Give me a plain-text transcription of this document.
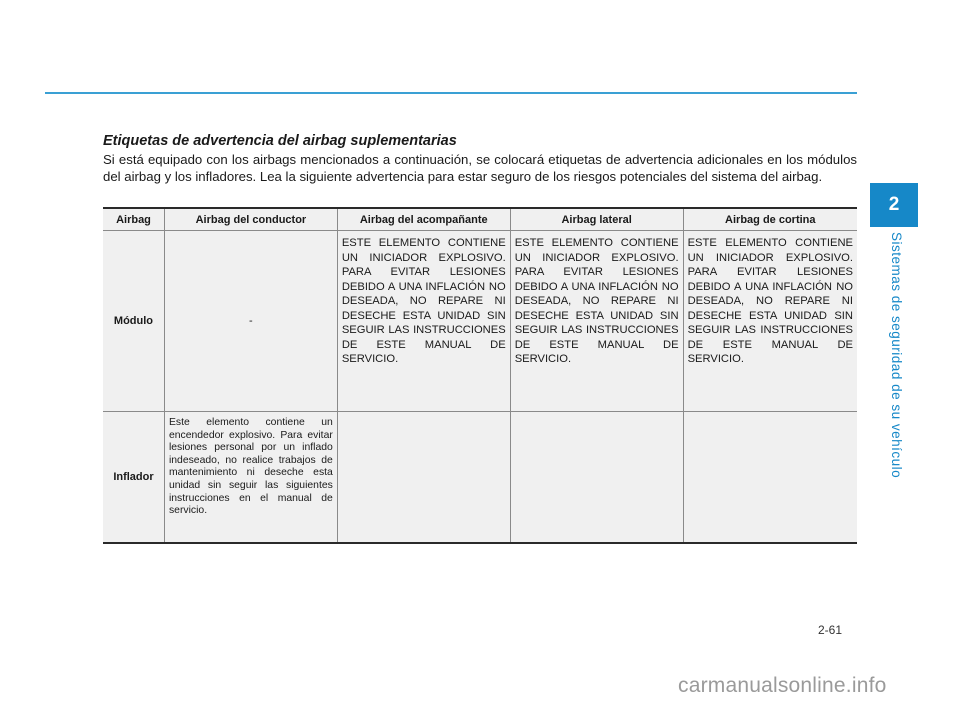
Etiquetas de advertencia del airbag suplementarias

Si está equipado con los airbags mencionados a continuación, se colocará etiquetas de advertencia adicionales en los módulos del airbag y los infladores. Lea la siguiente advertencia para estar seguro de los riesgos potenciales del sistema del airbag.

Airbag	Airbag del conductor	Airbag del acompañante	Airbag lateral	Airbag de cortina
Módulo	-	ESTE ELEMENTO CONTIENE UN INICIADOR EXPLOSIVO. PARA EVITAR LESIONES DEBIDO A UNA INFLACIÓN NO DESEADA, NO REPARE NI DESECHE ESTA UNIDAD SIN SEGUIR LAS INSTRUCCIONES DE ESTE MANUAL DE SERVICIO.	ESTE ELEMENTO CONTIENE UN INICIADOR EXPLOSIVO. PARA EVITAR LESIONES DEBIDO A UNA INFLACIÓN NO DESEADA, NO REPARE NI DESECHE ESTA UNIDAD SIN SEGUIR LAS INSTRUCCIONES DE ESTE MANUAL DE SERVICIO.	ESTE ELEMENTO CONTIENE UN INICIADOR EXPLOSIVO. PARA EVITAR LESIONES DEBIDO A UNA INFLACIÓN NO DESEADA, NO REPARE NI DESECHE ESTA UNIDAD SIN SEGUIR LAS INSTRUCCIONES DE ESTE MANUAL DE SERVICIO.

Inflador	Este elemento contiene un encendedor explosivo. Para evitar lesiones personal por un inflado indeseado, no realice trabajos de mantenimiento ni deseche esta unidad sin seguir las siguientes instrucciones en el manual de servicio.			

2
Sistemas de seguridad de su vehículo
2-61
carmanualsonline.info
